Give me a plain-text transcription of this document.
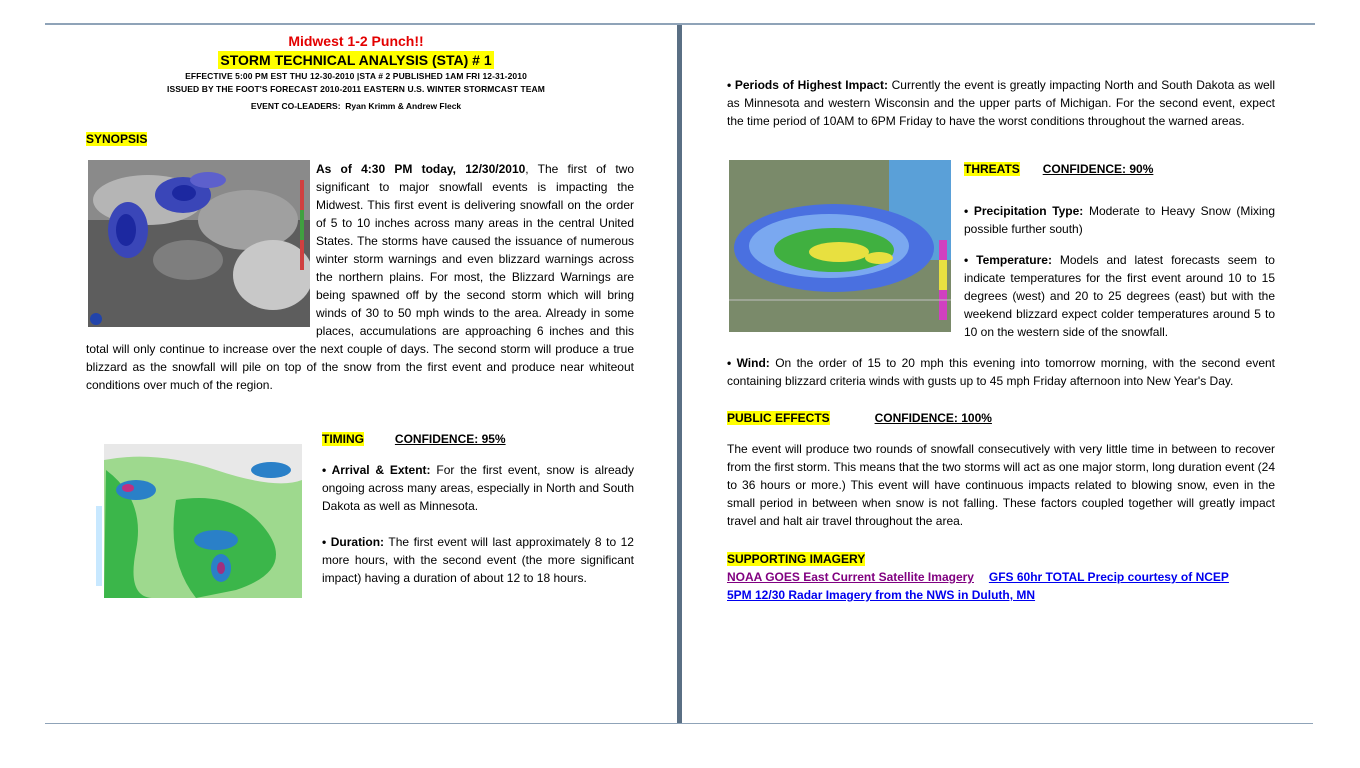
Midwest 1-2 Punch!!
STORM TECHNICAL ANALYSIS (STA) # 1
EFFECTIVE 5:00 PM EST THU 12-30-2010 |STA # 2 PUBLISHED 1AM FRI 12-31-2010
ISSUED BY THE FOOT'S FORECAST 2010-2011 EASTERN U.S. WINTER STORMCAST TEAM
EVENT CO-LEADERS: Ryan Krimm & Andrew Fleck
SYNOPSIS

As of 4:30 PM today, 12/30/2010, The first of two significant to major snowfall events is impacting the Midwest. This first event is delivering snowfall on the order of 5 to 10 inches across many areas in the central United States. The storms have caused the issuance of numerous winter storm warnings and even blizzard warnings across the northern plains. For most, the Blizzard Warnings are being spawned off by the second storm which will bring winds of 30 to 50 mph winds to the area. Already in some places, accumulations are approaching 6 inches and this total will only continue to increase over the next couple of days. The second storm will produce a true blizzard as the snowfall will pile on top of the snow from the first event and produce near whiteout conditions over much of the region.

TIMING	CONFIDENCE: 95%

• Arrival & Extent: For the first event, snow is already ongoing across many areas, especially in North and South Dakota as well as Minnesota.

• Duration: The first event will last approximately 8 to 12 more hours, with the second event (the more significant impact) having a duration of about 12 to 18 hours.

• Periods of Highest Impact: Currently the event is greatly impacting North and South Dakota as well as Minnesota and western Wisconsin and the upper parts of Michigan. For the second event, expect the time period of 10AM to 6PM Friday to have the worst conditions throughout the warned areas.

THREATS CONFIDENCE: 90%

• Precipitation Type: Moderate to Heavy Snow (Mixing possible further south)

• Temperature: Models and latest forecasts seem to indicate temperatures for the first event around 10 to 15 degrees (west) and 20 to 25 degrees (east) but with the weekend blizzard expect colder temperatures around 5 to 10 on the western side of the snowfall.

• Wind: On the order of 15 to 20 mph this evening into tomorrow morning, with the second event containing blizzard criteria winds with gusts up to 45 mph Friday afternoon into New Year's Day.

PUBLIC EFFECTS	CONFIDENCE: 100%

The event will produce two rounds of snowfall consecutively with very little time in between to recover from the first storm. This means that the two storms will act as one major storm, long duration event (24 to 36 hours or more.) This event will have continuous impacts related to blowing snow, even in the small period in between when snow is not falling. These factors coupled together will greatly impact travel and halt air travel throughout the area.

SUPPORTING IMAGERY
NOAA GOES East Current Satellite Imagery GFS 60hr TOTAL Precip courtesy of NCEP
5PM 12/30 Radar Imagery from the NWS in Duluth, MN
